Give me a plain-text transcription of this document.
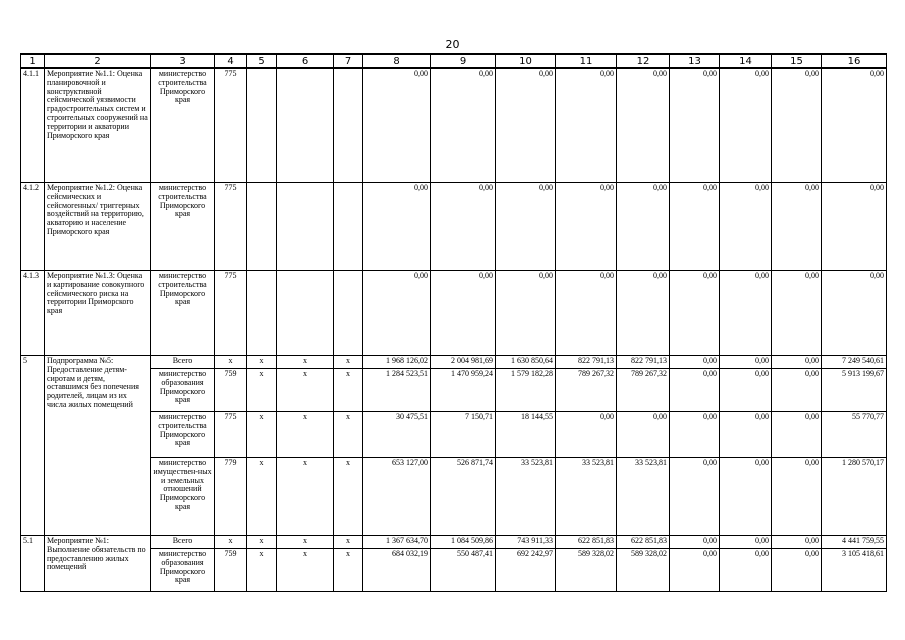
20
1	2	3	4	5	6	7	8	9	10	11	12	13	14	15	16
4.1.1	Мероприятие №1.1: Оценка планировочной и конструктивной сейсмической уязвимости градостроительных систем и строительных сооружений на территории и акватории Приморского края	министерство строительства Приморского края	775				0,00	0,00	0,00	0,00	0,00	0,00	0,00	0,00	0,00
4.1.2	Мероприятие №1.2: Оценка сейсмических и сейсмогенных/ триггерных воздействий на территорию, акваторию и население Приморского края	министерство строительства Приморского края	775				0,00	0,00	0,00	0,00	0,00	0,00	0,00	0,00	0,00
4.1.3	Мероприятие №1.3: Оценка и картирование совокупного сейсмического риска на территории Приморского края	министерство строительства Приморского края	775				0,00	0,00	0,00	0,00	0,00	0,00	0,00	0,00	0,00
5	Подпрограмма №5: Предоставление детям-сиротам и детям, оставшимся без попечения родителей, лицам из их числа жилых помещений	Всего	x	x	x	x	1 968 126,02	2 004 981,69	1 630 850,64	822 791,13	822 791,13	0,00	0,00	0,00	7 249 540,61
		министерство образования Приморского края	759	x	x	x	1 284 523,51	1 470 959,24	1 579 182,28	789 267,32	789 267,32	0,00	0,00	0,00	5 913 199,67
		министерство строительства Приморского края	775	x	x	x	30 475,51	7 150,71	18 144,55	0,00	0,00	0,00	0,00	0,00	55 770,77
		министерство имуществен-ных и земельных отношений Приморского края	779	x	x	x	653 127,00	526 871,74	33 523,81	33 523,81	33 523,81	0,00	0,00	0,00	1 280 570,17
5.1	Мероприятие №1: Выполнение обязательств по предоставлению жилых помещений	Всего	x	x	x	x	1 367 634,70	1 084 509,86	743 911,33	622 851,83	622 851,83	0,00	0,00	0,00	4 441 759,55
		министерство образования Приморского края	759	x	x	x	684 032,19	550 487,41	692 242,97	589 328,02	589 328,02	0,00	0,00	0,00	3 105 418,61
